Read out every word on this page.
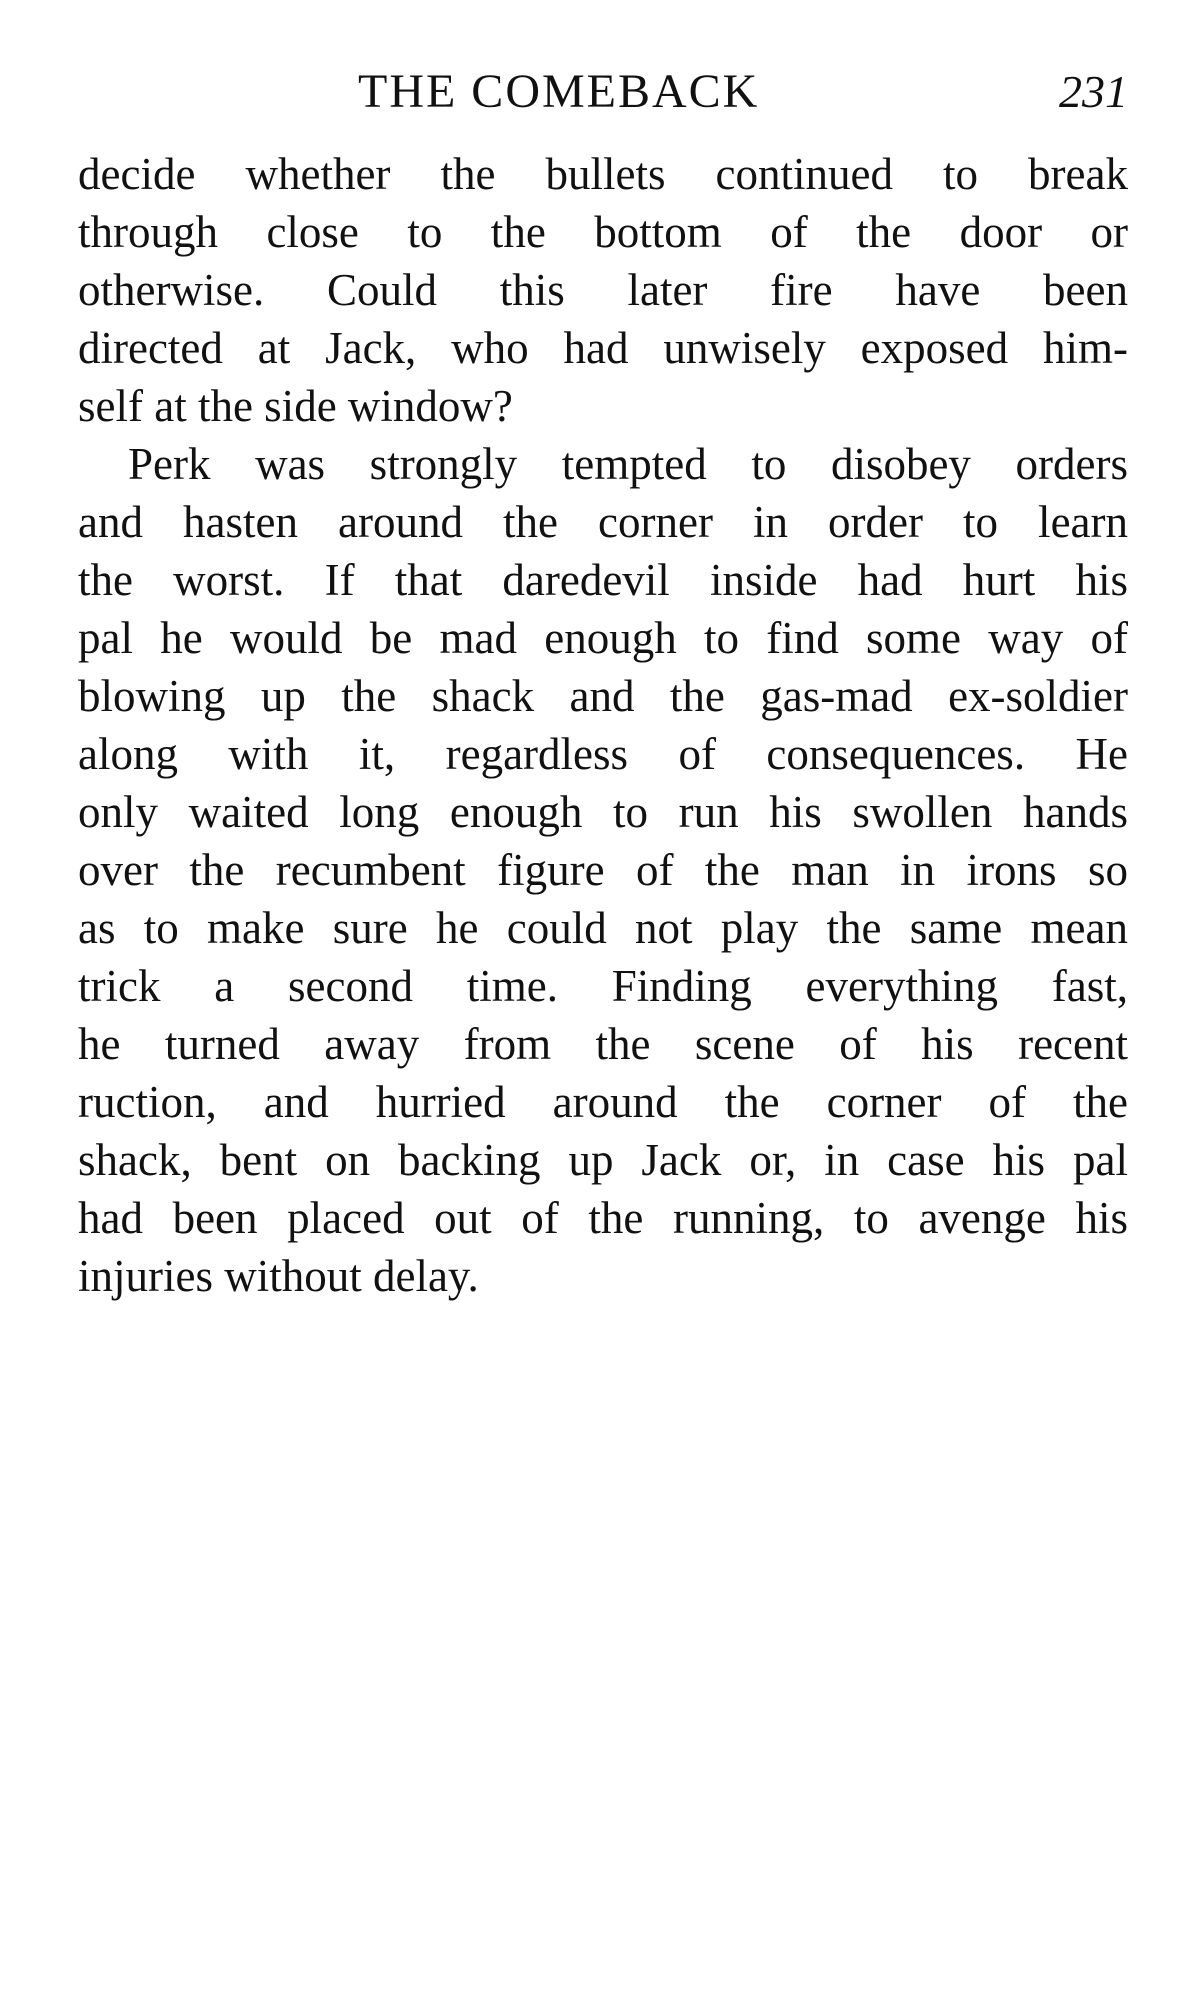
THE COMEBACK	231
decide whether the bullets continued to break
through close to the bottom of the door or
otherwise. Could this later fire have been
directed at Jack, who had unwisely exposed him-
self at the side window?
Perk was strongly tempted to disobey orders
and hasten around the corner in order to learn
the worst. If that daredevil inside had hurt his
pal he would be mad enough to find some way of
blowing up the shack and the gas-mad ex-soldier
along with it, regardless of consequences. He
only waited long enough to run his swollen hands
over the recumbent figure of the man in irons so
as to make sure he could not play the same mean
trick a second time. Finding everything fast,
he turned away from the scene of his recent
ruction, and hurried around the corner of the
shack, bent on backing up Jack or, in case his pal
had been placed out of the running, to avenge his
injuries without delay.
